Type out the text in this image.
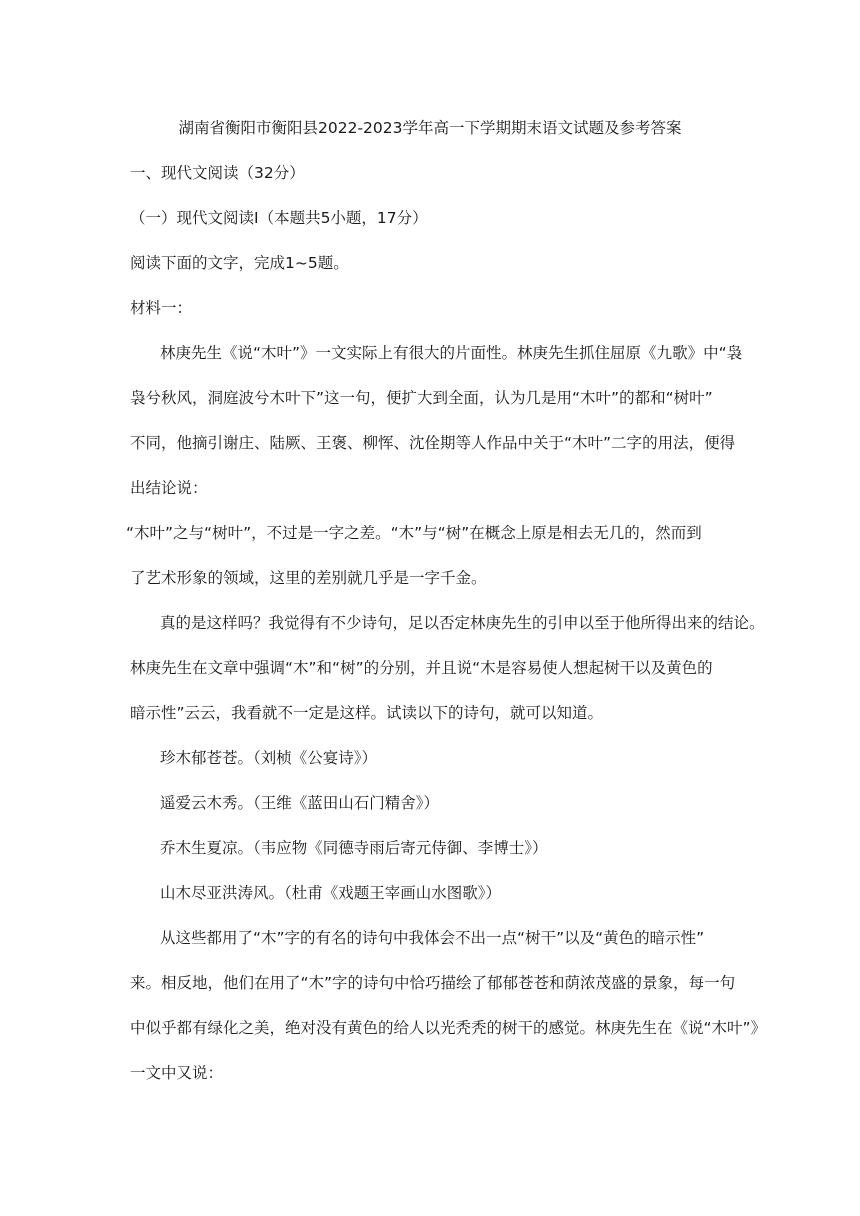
湖南省衡阳市衡阳县2022-2023学年高一下学期期末语文试题及参考答案
一、现代文阅读（32分）
（一）现代文阅读Ⅰ（本题共5小题，17分）
阅读下面的文字，完成1~5题。
材料一：
林庚先生《说“木叶”》一文实际上有很大的片面性。林庚先生抓住屈原《九歌》中“袅
袅兮秋风，洞庭波兮木叶下”这一句，便扩大到全面，认为几是用“木叶”的都和“树叶”
不同，他摘引谢庄、陆厥、王褒、柳恽、沈佺期等人作品中关于“木叶”二字的用法，便得
出结论说：
“木叶”之与“树叶”，不过是一字之差。“木”与“树”在概念上原是相去无几的，然而到
了艺术形象的领域，这里的差别就几乎是一字千金。
真的是这样吗？我觉得有不少诗句，足以否定林庚先生的引申以至于他所得出来的结论。
林庚先生在文章中强调“木”和“树”的分别，并且说“木是容易使人想起树干以及黄色的
暗示性”云云，我看就不一定是这样。试读以下的诗句，就可以知道。
珍木郁苍苍。（刘桢《公宴诗》）
遥爱云木秀。（王维《蓝田山石门精舍》）
乔木生夏凉。（韦应物《同德寺雨后寄元侍御、李博士》）
山木尽亚洪涛风。（杜甫《戏题王宰画山水图歌》）
从这些都用了“木”字的有名的诗句中我体会不出一点“树干”以及“黄色的暗示性”
来。相反地，他们在用了“木”字的诗句中恰巧描绘了郁郁苍苍和荫浓茂盛的景象，每一句
中似乎都有绿化之美，绝对没有黄色的给人以光秃秃的树干的感觉。林庚先生在《说“木叶”》
一文中又说：
